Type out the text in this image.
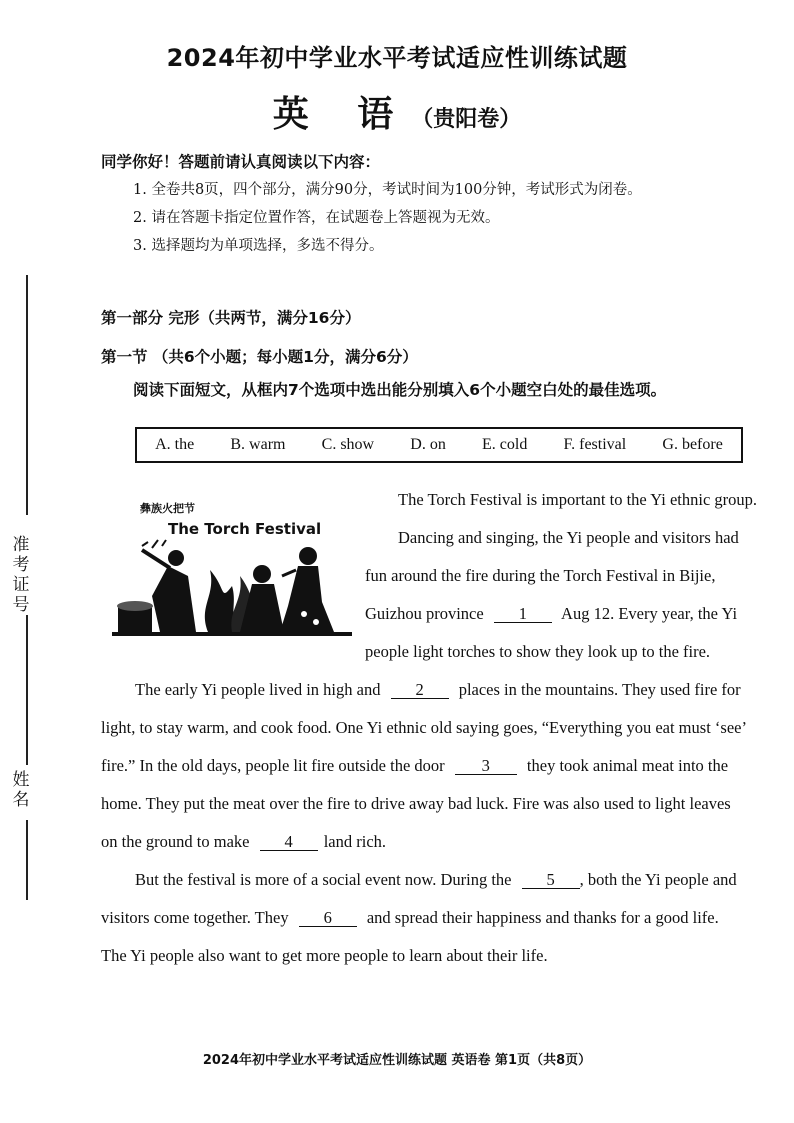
准考证号
姓名
2024年初中学业水平考试适应性训练试题
英 语（贵阳卷）
同学你好！答题前请认真阅读以下内容：
1. 全卷共8页，四个部分，满分90分，考试时间为100分钟，考试形式为闭卷。
2. 请在答题卡指定位置作答，在试题卷上答题视为无效。
3. 选择题均为单项选择，多选不得分。
第一部分 完形（共两节，满分16分）
第一节 （共6个小题；每小题1分，满分6分）
阅读下面短文，从框内7个选项中选出能分别填入6个小题空白处的最佳选项。
A. the B. warm C. show D. on E. cold F. festival G. before
彝族火把节
The Torch Festival
The Torch Festival is important to the Yi ethnic group.
Dancing and singing, the Yi people and visitors had
fun around the fire during the Torch Festival in Bijie,
Guizhou province 1 Aug 12. Every year, the Yi
people light torches to show they look up to the fire.
The early Yi people lived in high and 2 places in the mountains. They used fire for
light, to stay warm, and cook food. One Yi ethnic old saying goes, “Everything you eat must ‘see’
fire.” In the old days, people lit fire outside the door 3 they took animal meat into the
home. They put the meat over the fire to drive away bad luck. Fire was also used to light leaves
on the ground to make 4 land rich.
But the festival is more of a social event now. During the 5 , both the Yi people and
visitors come together. They 6 and spread their happiness and thanks for a good life.
The Yi people also want to get more people to learn about their life.
2024年初中学业水平考试适应性训练试题 英语卷 第1页（共8页）
